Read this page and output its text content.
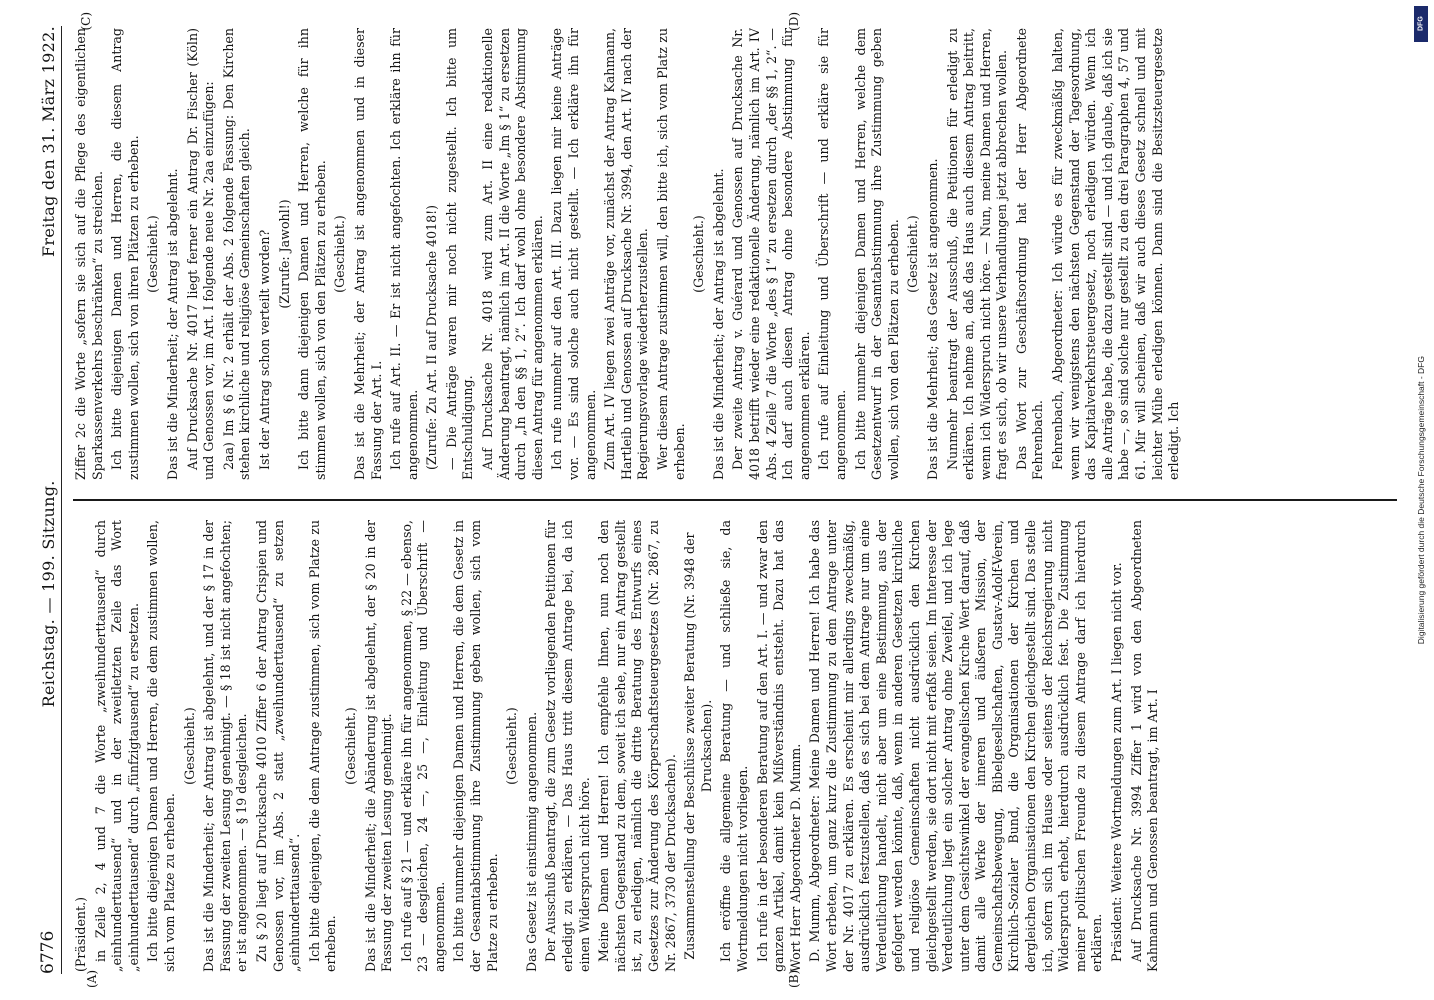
6776
Reichstag. — 199. Sitzung.
Freitag den 31. März 1922.
(A)	(B)
(C)	(D)

(Präsident.) in Zeile 2, 4 und 7 die Worte „zweihunderttausend“ durch „einhunderttausend“ und in der zweitletzten Zeile das Wort „einhunderttausend“ durch „fünfzigtausend“ zu ersetzen. Ich bitte diejenigen Damen und Herren, die dem zustimmen wollen, sich vom Platze zu erheben.

(Geschieht.) Das ist die Minderheit; der Antrag ist abgelehnt, und der § 17 in der Fassung der zweiten Lesung genehmigt. — § 18 ist nicht angefochten; er ist angenommen. — § 19 desgleichen. Zu § 20 liegt auf Drucksache 4010 Ziffer 6 der Antrag Crispien und Genossen vor, im Abs. 2 statt „zweihunderttausend“ zu setzen „einhunderttausend“. Ich bitte diejenigen, die dem Antrage zustimmen, sich vom Platze zu erheben.

(Geschieht.) Das ist die Minderheit; die Abänderung ist abgelehnt, der § 20 in der Fassung der zweiten Lesung genehmigt. Ich rufe auf § 21 — und erkläre ihn für angenommen, § 22 — ebenso, 23 — desgleichen, 24 —, 25 —, Einleitung und Überschrift — angenommen. Ich bitte nunmehr diejenigen Damen und Herren, die dem Gesetz in der Gesamtabstimmung ihre Zustimmung geben wollen, sich vom Platze zu erheben.

(Geschieht.) Das Gesetz ist einstimmig angenommen. Der Ausschuß beantragt, die zum Gesetz vorliegenden Petitionen für erledigt zu erklären. — Das Haus tritt diesem Antrage bei, da ich einen Widerspruch nicht höre. Meine Damen und Herren! Ich empfehle Ihnen, nun noch den nächsten Gegenstand zu dem, soweit ich sehe, nur ein Antrag gestellt ist, zu erledigen, nämlich die dritte Beratung des Entwurfs eines Gesetzes zur Änderung des Körperschaftsteuergesetzes (Nr. 2867, zu Nr. 2867, 3730 der Drucksachen). Zusammenstellung der Beschlüsse zweiter Beratung (Nr. 3948 der Drucksachen). Ich eröffne die allgemeine Beratung — und schließe sie, da Wortmeldungen nicht vorliegen. Ich rufe in der besonderen Beratung auf den Art. I. — und zwar den ganzen Artikel, damit kein Mißverständnis entsteht. Dazu hat das Wort Herr Abgeordneter D. Mumm. D. Mumm, Abgeordneter: Meine Damen und Herren! Ich habe das Wort erbeten, um ganz kurz die Zustimmung zu dem Antrage unter der Nr. 4017 zu erklären. Es erscheint mir allerdings zweckmäßig, ausdrücklich festzustellen, daß es sich bei dem Antrage nur um eine Verdeutlichung handelt, nicht aber um eine Bestimmung, aus der gefolgert werden könnte, daß, wenn in anderen Gesetzen kirchliche und religiöse Gemeinschaften nicht ausdrücklich den Kirchen gleichgestellt werden, sie dort nicht mit erfaßt seien. Im Interesse der Verdeutlichung liegt ein solcher Antrag ohne Zweifel, und ich lege unter dem Gesichtswinkel der evangelischen Kirche Wert darauf, daß damit alle Werke der inneren und äußeren Mission, der Gemeinschaftsbewegung, Bibelgesellschaften, Gustav-Adolf-Verein, Kirchlich-Sozialer Bund, die Organisationen der Kirchen und dergleichen Organisationen den Kirchen gleichgestellt sind. Das stelle ich, sofern sich im Hause oder seitens der Reichsregierung nicht Widerspruch erhebt, hierdurch ausdrücklich fest. Die Zustimmung meiner politischen Freunde zu diesem Antrage darf ich hierdurch erklären. Präsident: Weitere Wortmeldungen zum Art. I liegen nicht vor. Auf Drucksache Nr. 3994 Ziffer 1 wird von den Abgeordneten Kahmann und Genossen beantragt, im Art. I

Ziffer 2c die Worte „sofern sie sich auf die Pflege des eigentlichen Sparkassenverkehrs beschränken“ zu streichen. Ich bitte diejenigen Damen und Herren, die diesem Antrag zustimmen wollen, sich von ihren Plätzen zu erheben. (Geschieht.) Das ist die Minderheit; der Antrag ist abgelehnt. Auf Drucksache Nr. 4017 liegt ferner ein Antrag Dr. Fischer (Köln) und Genossen vor, im Art. I folgende neue Nr. 2aa einzufügen: 2aa) Im § 6 Nr. 2 erhält der Abs. 2 folgende Fassung: Den Kirchen stehen kirchliche und religiöse Gemeinschaften gleich. Ist der Antrag schon verteilt worden? (Zurufe: Jawohl!) Ich bitte dann diejenigen Damen und Herren, welche für ihn stimmen wollen, sich von den Plätzen zu erheben. (Geschieht.) Das ist die Mehrheit; der Antrag ist angenommen und in dieser Fassung der Art. I. Ich rufe auf Art. II. — Er ist nicht angefochten. Ich erkläre ihn für angenommen. (Zurufe: Zu Art. II auf Drucksache 4018!) — Die Anträge waren mir noch nicht zugestellt. Ich bitte um Entschuldigung. Auf Drucksache Nr. 4018 wird zum Art. II eine redaktionelle Änderung beantragt, nämlich im Art. II die Worte „Im § 1“ zu ersetzen durch „In den §§ 1, 2“. Ich darf wohl ohne besondere Abstimmung diesen Antrag für angenommen erklären. Ich rufe nunmehr auf den Art. III. Dazu liegen mir keine Anträge vor. — Es sind solche auch nicht gestellt. — Ich erkläre ihn für angenommen. Zum Art. IV liegen zwei Anträge vor, zunächst der Antrag Kahmann, Hartleib und Genossen auf Drucksache Nr. 3994, den Art. IV nach der Regierungsvorlage wiederherzustellen. Wer diesem Antrage zustimmen will, den bitte ich, sich vom Platz zu erheben.

(Geschieht.) Das ist die Minderheit; der Antrag ist abgelehnt. Der zweite Antrag v. Guérard und Genossen auf Drucksache Nr. 4018 betrifft wieder eine redaktionelle Änderung, nämlich im Art. IV Abs. 4 Zeile 7 die Worte „des § 1“ zu ersetzen durch „der §§ 1, 2“. — Ich darf auch diesen Antrag ohne besondere Abstimmung für angenommen erklären. Ich rufe auf Einleitung und Überschrift — und erkläre sie für angenommen. Ich bitte nunmehr diejenigen Damen und Herren, welche dem Gesetzentwurf in der Gesamtabstimmung ihre Zustimmung geben wollen, sich von den Plätzen zu erheben. (Geschieht.) Das ist die Mehrheit; das Gesetz ist angenommen. Nunmehr beantragt der Ausschuß, die Petitionen für erledigt zu erklären. Ich nehme an, daß das Haus auch diesem Antrag beitritt, wenn ich Widerspruch nicht höre. — Nun, meine Damen und Herren, fragt es sich, ob wir unsere Verhandlungen jetzt abbrechen wollen. Das Wort zur Geschäftsordnung hat der Herr Abgeordnete Fehrenbach. Fehrenbach, Abgeordneter: Ich würde es für zweckmäßig halten, wenn wir wenigstens den nächsten Gegenstand der Tagesordnung, das Kapitalverkehrsteuergesetz, noch erledigen würden. Wenn ich alle Anträge habe, die dazu gestellt sind — und ich glaube, daß ich sie habe —, so sind solche nur gestellt zu den drei Paragraphen 4, 57 und 61. Mir will scheinen, daß wir auch dieses Gesetz schnell und mit leichter Mühe erledigen können. Dann sind die Besitzsteuergesetze erledigt. Ich

DFG
Digitalisierung gefördert durch die Deutsche Forschungsgemeinschaft - DFG
